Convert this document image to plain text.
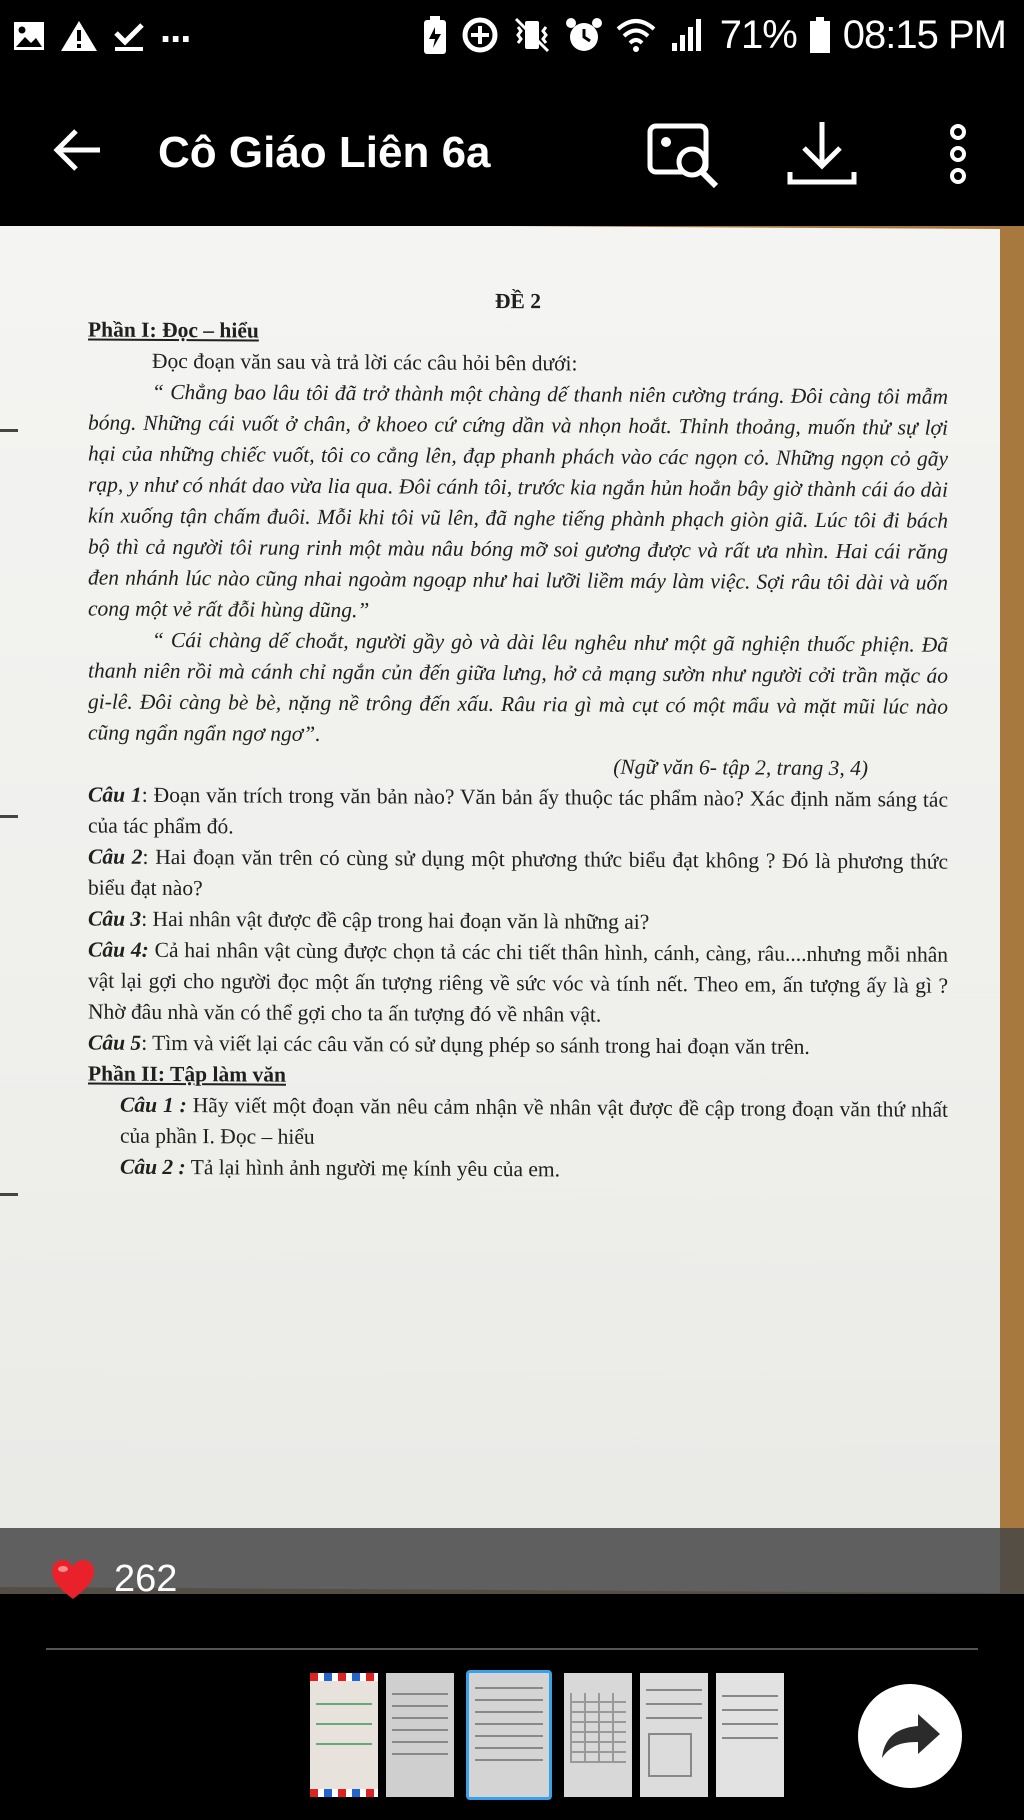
...	71% 08:15 PM
Cô Giáo Liên 6a

ĐỀ 2

Phần I: Đọc – hiểu

Đọc đoạn văn sau và trả lời các câu hỏi bên dưới:

“ Chẳng bao lâu tôi đã trở thành một chàng dế thanh niên cường tráng. Đôi càng tôi mẫm bóng. Những cái vuốt ở chân, ở khoeo cứ cứng dần và nhọn hoắt. Thỉnh thoảng, muốn thử sự lợi hại của những chiếc vuốt, tôi co cẳng lên, đạp phanh phách vào các ngọn cỏ. Những ngọn cỏ gãy rạp, y như có nhát dao vừa lia qua. Đôi cánh tôi, trước kia ngắn hủn hoẳn bây giờ thành cái áo dài kín xuống tận chấm đuôi. Mỗi khi tôi vũ lên, đã nghe tiếng phành phạch giòn giã. Lúc tôi đi bách bộ thì cả người tôi rung rinh một màu nâu bóng mỡ soi gương được và rất ưa nhìn. Hai cái răng đen nhánh lúc nào cũng nhai ngoàm ngoạp như hai lưỡi liềm máy làm việc. Sợi râu tôi dài và uốn cong một vẻ rất đỗi hùng dũng.”

“ Cái chàng dế choắt, người gầy gò và dài lêu nghêu như một gã nghiện thuốc phiện. Đã thanh niên rồi mà cánh chỉ ngắn củn đến giữa lưng, hở cả mạng sườn như người cởi trần mặc áo gi-lê. Đôi càng bè bè, nặng nề trông đến xấu. Râu ria gì mà cụt có một mẩu và mặt mũi lúc nào cũng ngẩn ngẩn ngơ ngơ”.

(Ngữ văn 6- tập 2, trang 3, 4)

Câu 1: Đoạn văn trích trong văn bản nào? Văn bản ấy thuộc tác phẩm nào? Xác định năm sáng tác của tác phẩm đó.

Câu 2: Hai đoạn văn trên có cùng sử dụng một phương thức biểu đạt không ? Đó là phương thức biểu đạt nào?

Câu 3: Hai nhân vật được đề cập trong hai đoạn văn là những ai?

Câu 4: Cả hai nhân vật cùng được chọn tả các chi tiết thân hình, cánh, càng, râu....nhưng mỗi nhân vật lại gợi cho người đọc một ấn tượng riêng về sức vóc và tính nết. Theo em, ấn tượng ấy là gì ? Nhờ đâu nhà văn có thể gợi cho ta ấn tượng đó về nhân vật.

Câu 5: Tìm và viết lại các câu văn có sử dụng phép so sánh trong hai đoạn văn trên.

Phần II: Tập làm văn

Câu 1 : Hãy viết một đoạn văn nêu cảm nhận về nhân vật được đề cập trong đoạn văn thứ nhất của phần I. Đọc – hiểu

Câu 2 : Tả lại hình ảnh người mẹ kính yêu của em.

262
